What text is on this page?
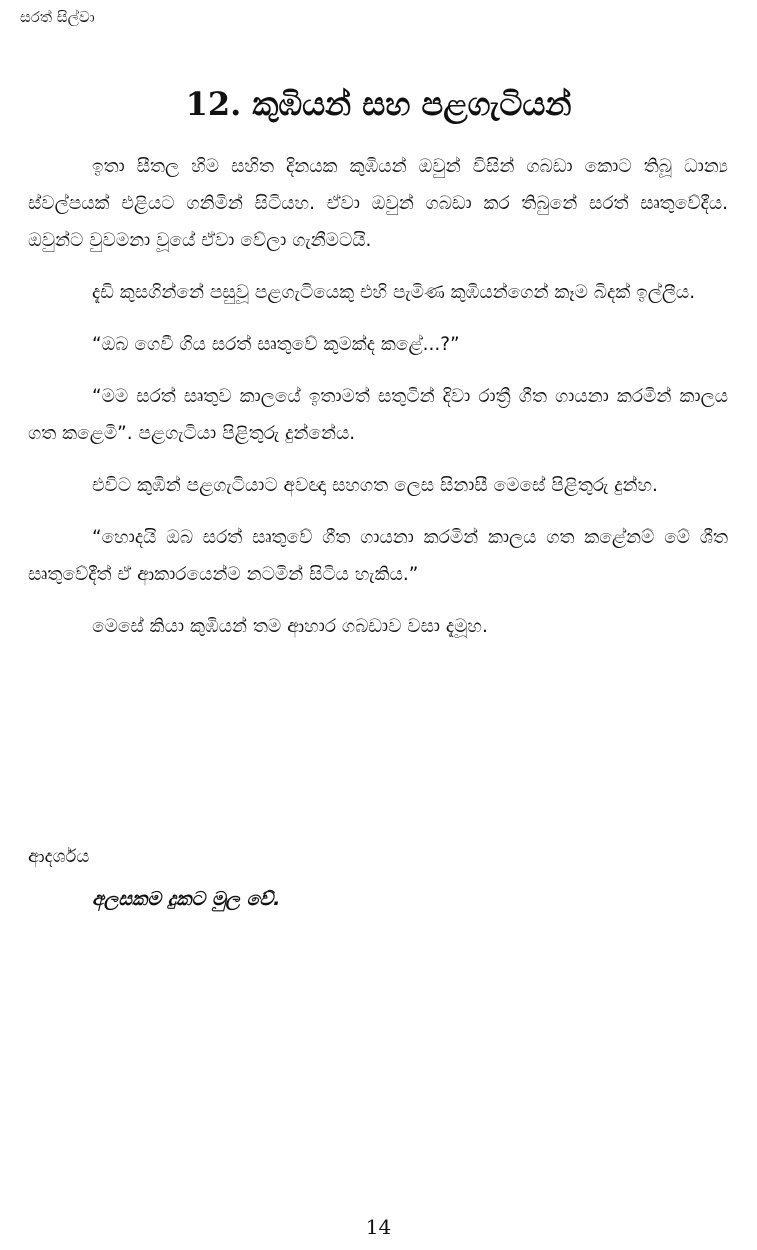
සරත් සිල්වා
12. කුඹියන් සහ පළගැටියන්

ඉතා සීතල හිම සහිත දිනයක කුඹියන් ඔවුන් විසින් ගබඩා කොට තිබූ ධාන්‍ය ස්වල්පයක් එළියට ගනිමින් සිටියහ. ඒවා ඔවුන් ගබඩා කර තිබුනේ සරත් සෘතුවේදීය. ඔවුන්ට වුවමනා වූයේ ඒවා වේලා ගැනීමටයි.

දැඩි කුසගින්නේ පසුවූ පළගැටියෙකු එහි පැමිණ කුඹියන්ගෙන් කෑම බිදක් ඉල්ලීය.

“ඔබ ගෙවී ගිය සරත් සෘතුවේ කුමක්ද කළේ...?”

“මම සරත් සෘතුව කාලයේ ඉතාමත් සතුටින් දිවා රාත්‍රී ගීත ගායනා කරමින් කාලය ගත කළෙමි”. පළගැටියා පිළිතුරු දුන්නේය.

එවිට කුඹින් පළගැටියාට අවඥා සහගත ලෙස සිනාසී මෙසේ පිළිතුරු දුන්හ.

“හොදයි ඔබ සරත් සෘතුවේ ගීත ගායනා කරමින් කාලය ගත කළේනම් මේ ශීත සෘතුවේදීත් ඒ ආකාරයෙන්ම නටමින් සිටිය හැකිය.”

මෙසේ කියා කුඹියන් තම ආහාර ගබඩාව වසා දැමූහ.

ආදර්ශය
අලසකම දුකට මුල වේ.
14
